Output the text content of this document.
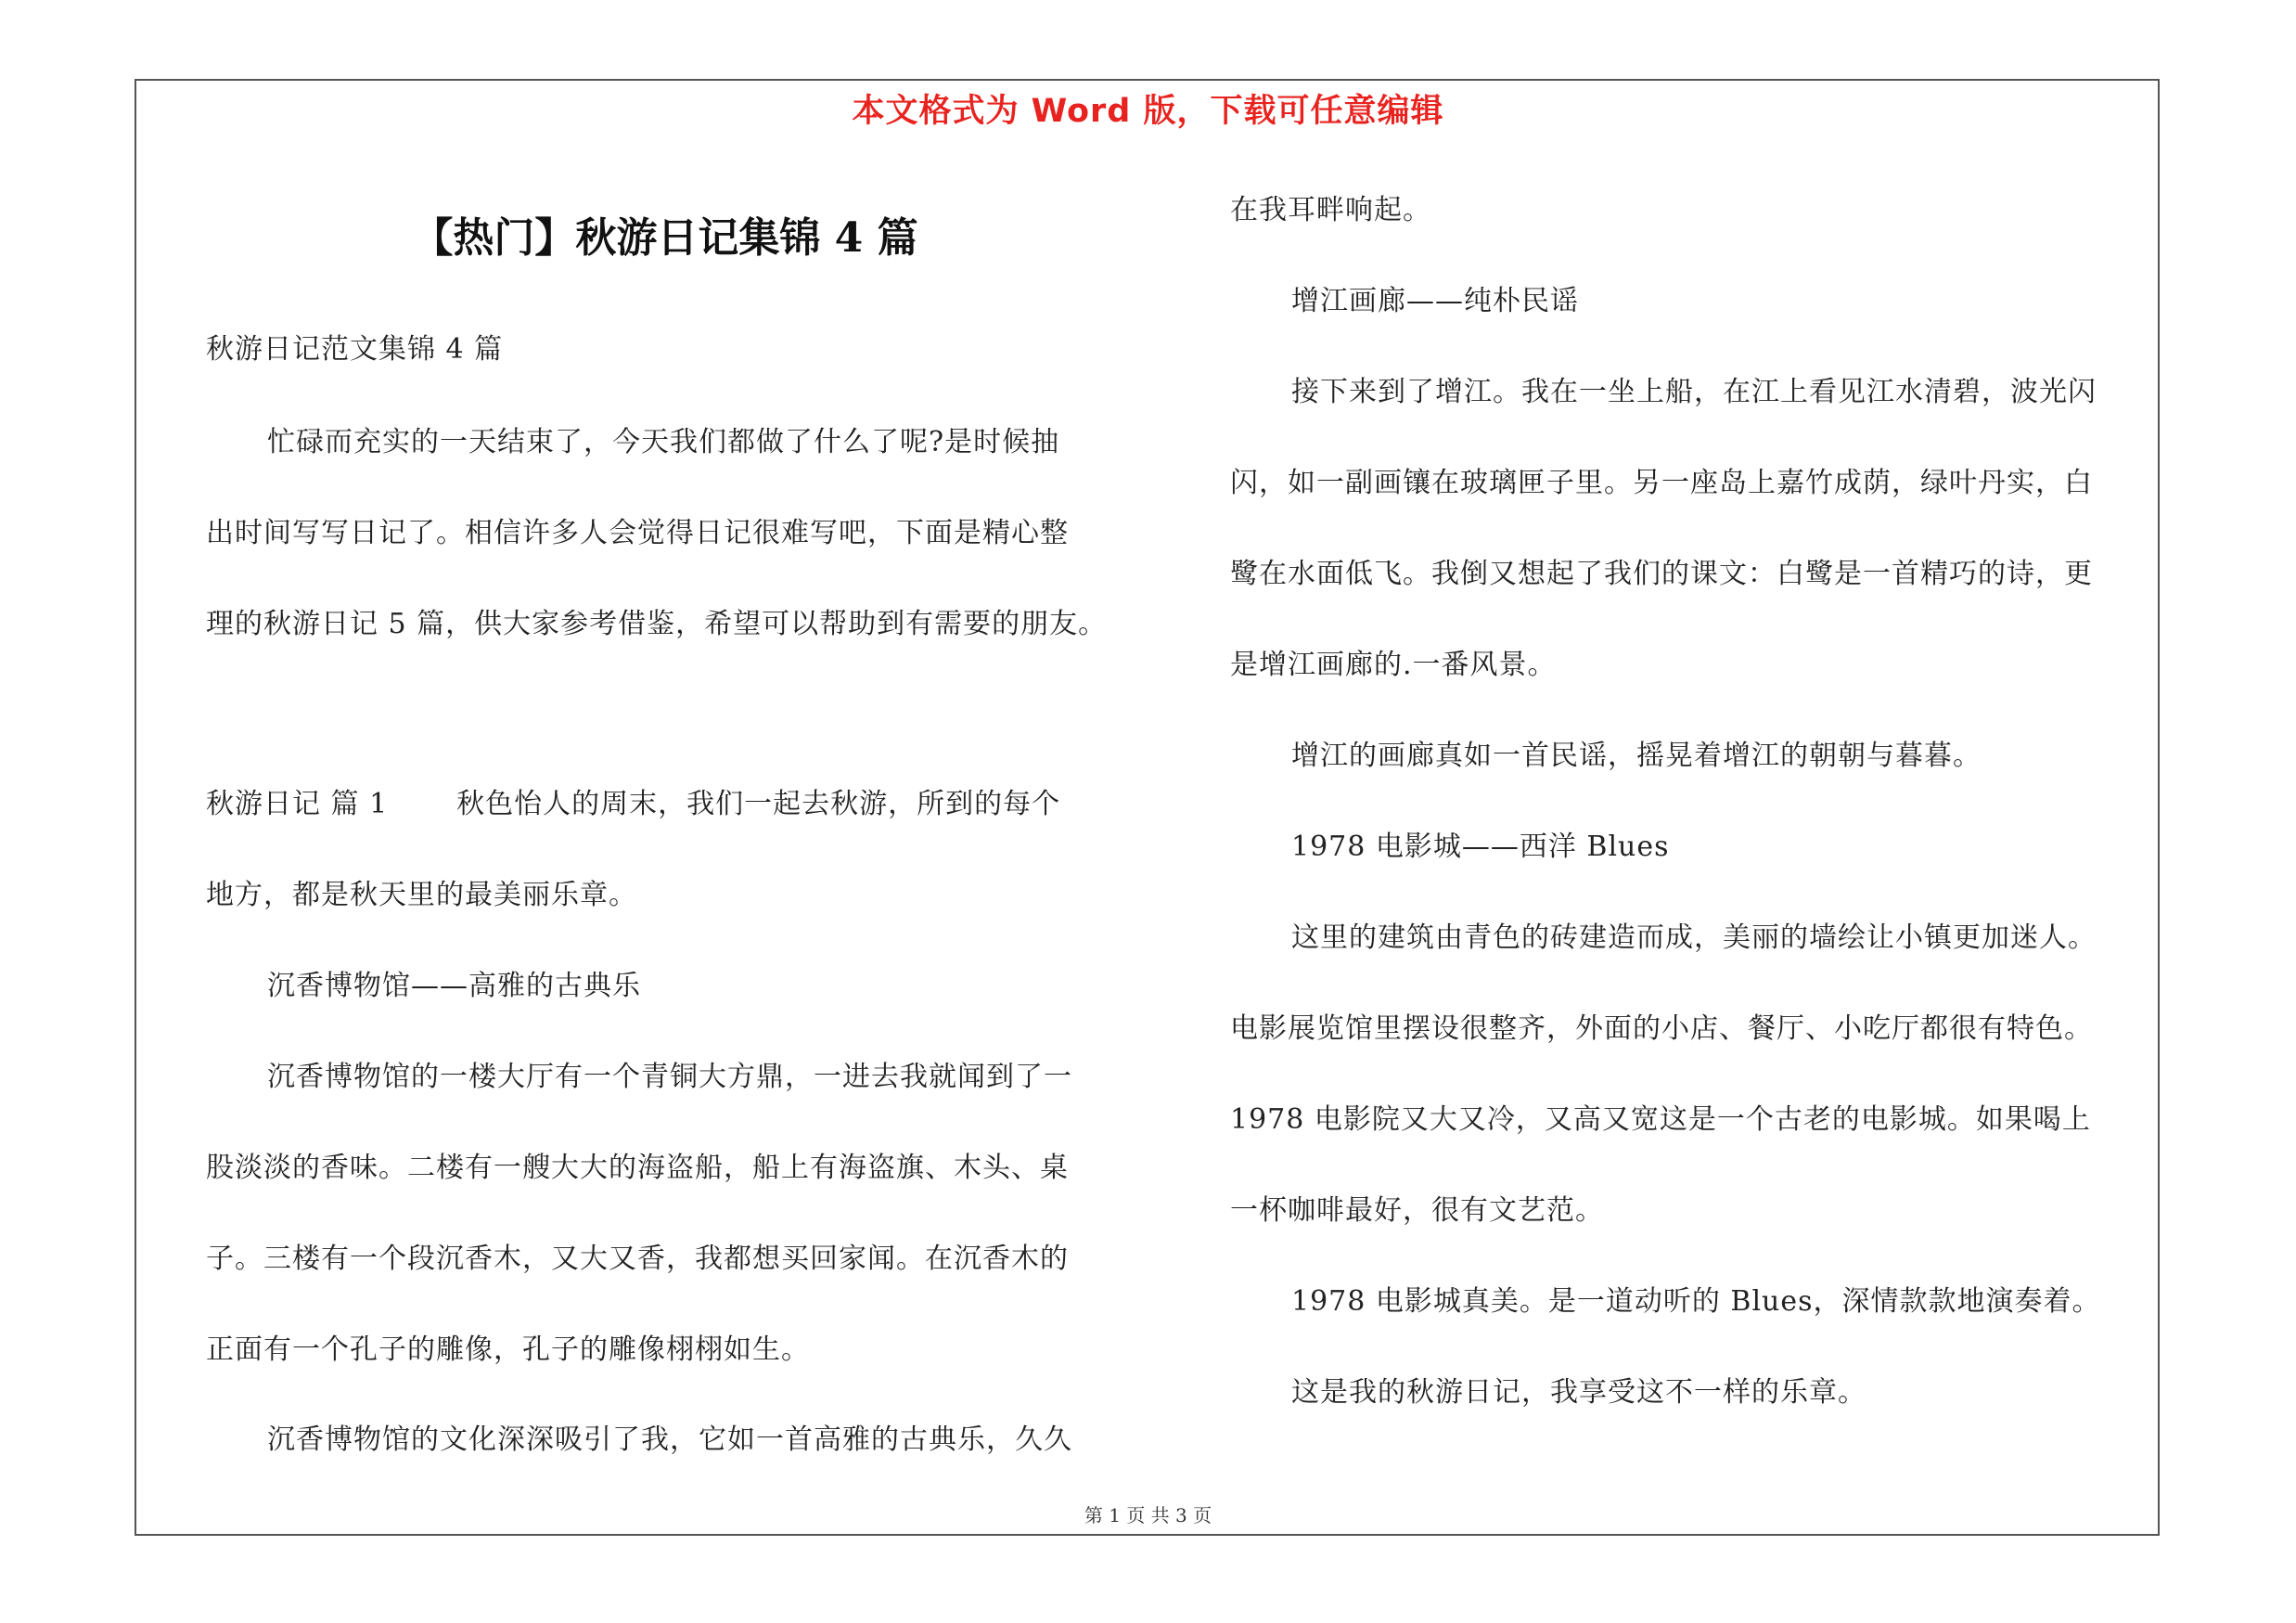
本文格式为 Word 版，下载可任意编辑
【热门】秋游日记集锦 4 篇
秋游日记范文集锦 4 篇
忙碌而充实的一天结束了，今天我们都做了什么了呢?是时候抽
出时间写写日记了。相信许多人会觉得日记很难写吧，下面是精心整
理的秋游日记 5 篇，供大家参考借鉴，希望可以帮助到有需要的朋友。
秋游日记 篇 1 秋色怡人的周末，我们一起去秋游，所到的每个
地方，都是秋天里的最美丽乐章。
沉香博物馆——高雅的古典乐
沉香博物馆的一楼大厅有一个青铜大方鼎，一进去我就闻到了一
股淡淡的香味。二楼有一艘大大的海盗船，船上有海盗旗、木头、桌
子。三楼有一个段沉香木，又大又香，我都想买回家闻。在沉香木的
正面有一个孔子的雕像，孔子的雕像栩栩如生。
沉香博物馆的文化深深吸引了我，它如一首高雅的古典乐，久久
在我耳畔响起。
增江画廊——纯朴民谣
接下来到了增江。我在一坐上船，在江上看见江水清碧，波光闪
闪，如一副画镶在玻璃匣子里。另一座岛上嘉竹成荫，绿叶丹实，白
鹭在水面低飞。我倒又想起了我们的课文：白鹭是一首精巧的诗，更
是增江画廊的.一番风景。
增江的画廊真如一首民谣，摇晃着增江的朝朝与暮暮。
1978 电影城——西洋 Blues
这里的建筑由青色的砖建造而成，美丽的墙绘让小镇更加迷人。
电影展览馆里摆设很整齐，外面的小店、餐厅、小吃厅都很有特色。
1978 电影院又大又冷，又高又宽这是一个古老的电影城。如果喝上
一杯咖啡最好，很有文艺范。
1978 电影城真美。是一道动听的 Blues，深情款款地演奏着。
这是我的秋游日记，我享受这不一样的乐章。
第 1 页 共 3 页
